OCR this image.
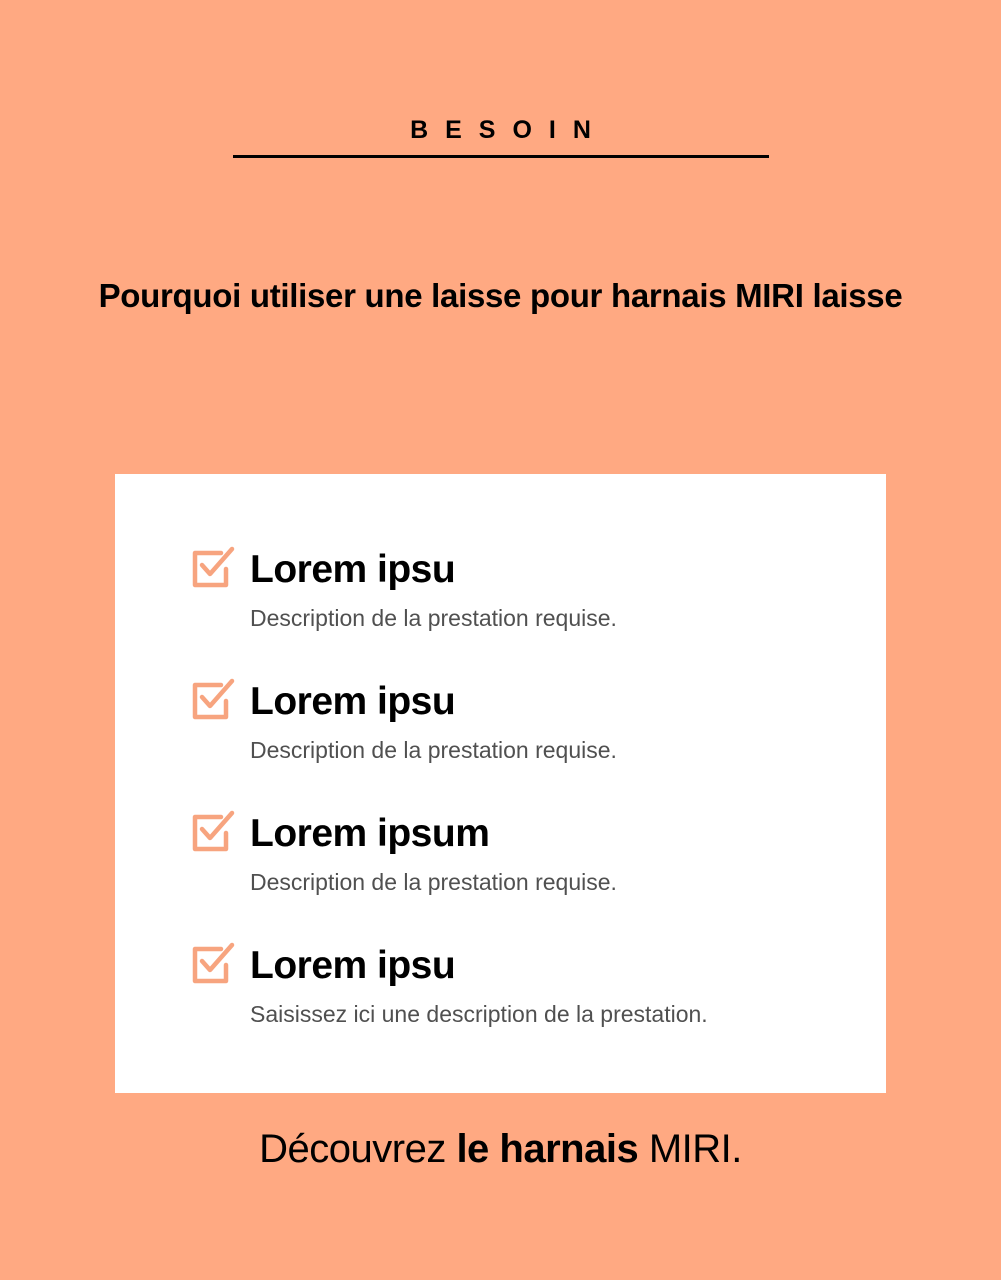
BESOIN
Pourquoi utiliser une laisse pour harnais MIRI laisse
Lorem ipsu
Description de la prestation requise.
Lorem ipsu
Description de la prestation requise.
Lorem ipsum
Description de la prestation requise.
Lorem ipsu
Saisissez ici une description de la prestation.
Découvrez le harnais MIRI.
